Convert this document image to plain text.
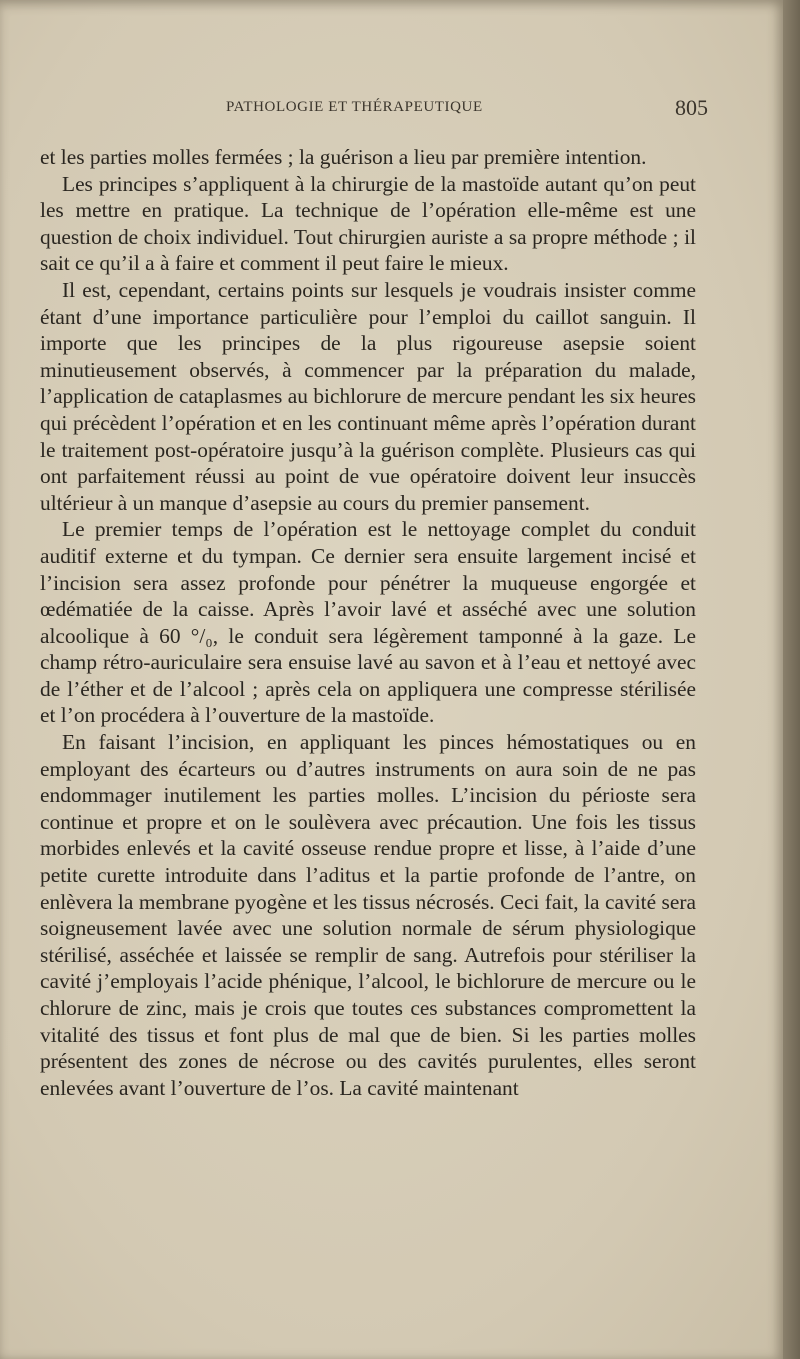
PATHOLOGIE ET THÉRAPEUTIQUE	805

et les parties molles fermées ; la guérison a lieu par première intention.

Les principes s’appliquent à la chirurgie de la mastoïde autant qu’on peut les mettre en pratique. La technique de l’opération elle-même est une question de choix individuel. Tout chirurgien auriste a sa propre méthode ; il sait ce qu’il a à faire et comment il peut faire le mieux.

Il est, cependant, certains points sur lesquels je voudrais insister comme étant d’une importance particulière pour l’emploi du caillot sanguin. Il importe que les principes de la plus rigoureuse asepsie soient minutieusement observés, à commencer par la préparation du malade, l’application de cataplasmes au bichlorure de mercure pendant les six heures qui précèdent l’opération et en les continuant même après l’opération durant le traitement post-opératoire jusqu’à la guérison complète. Plusieurs cas qui ont parfaitement réussi au point de vue opératoire doivent leur insuccès ultérieur à un manque d’asepsie au cours du premier pansement.

Le premier temps de l’opération est le nettoyage complet du conduit auditif externe et du tympan. Ce dernier sera ensuite largement incisé et l’incision sera assez profonde pour pénétrer la muqueuse engorgée et œdématiée de la caisse. Après l’avoir lavé et asséché avec une solution alcoolique à 60 °/₀, le conduit sera légèrement tamponné à la gaze. Le champ rétro-auriculaire sera ensuise lavé au savon et à l’eau et nettoyé avec de l’éther et de l’alcool ; après cela on appliquera une compresse stérilisée et l’on procédera à l’ouverture de la mastoïde.

En faisant l’incision, en appliquant les pinces hémostatiques ou en employant des écarteurs ou d’autres instruments on aura soin de ne pas endommager inutilement les parties molles. L’incision du périoste sera continue et propre et on le soulèvera avec précaution. Une fois les tissus morbides enlevés et la cavité osseuse rendue propre et lisse, à l’aide d’une petite curette introduite dans l’aditus et la partie profonde de l’antre, on enlèvera la membrane pyogène et les tissus nécrosés. Ceci fait, la cavité sera soigneusement lavée avec une solution normale de sérum physiologique stérilisé, asséchée et laissée se remplir de sang. Autrefois pour stériliser la cavité j’employais l’acide phénique, l’alcool, le bichlorure de mercure ou le chlorure de zinc, mais je crois que toutes ces substances compromettent la vitalité des tissus et font plus de mal que de bien. Si les parties molles présentent des zones de nécrose ou des cavités purulentes, elles seront enlevées avant l’ouverture de l’os. La cavité maintenant
